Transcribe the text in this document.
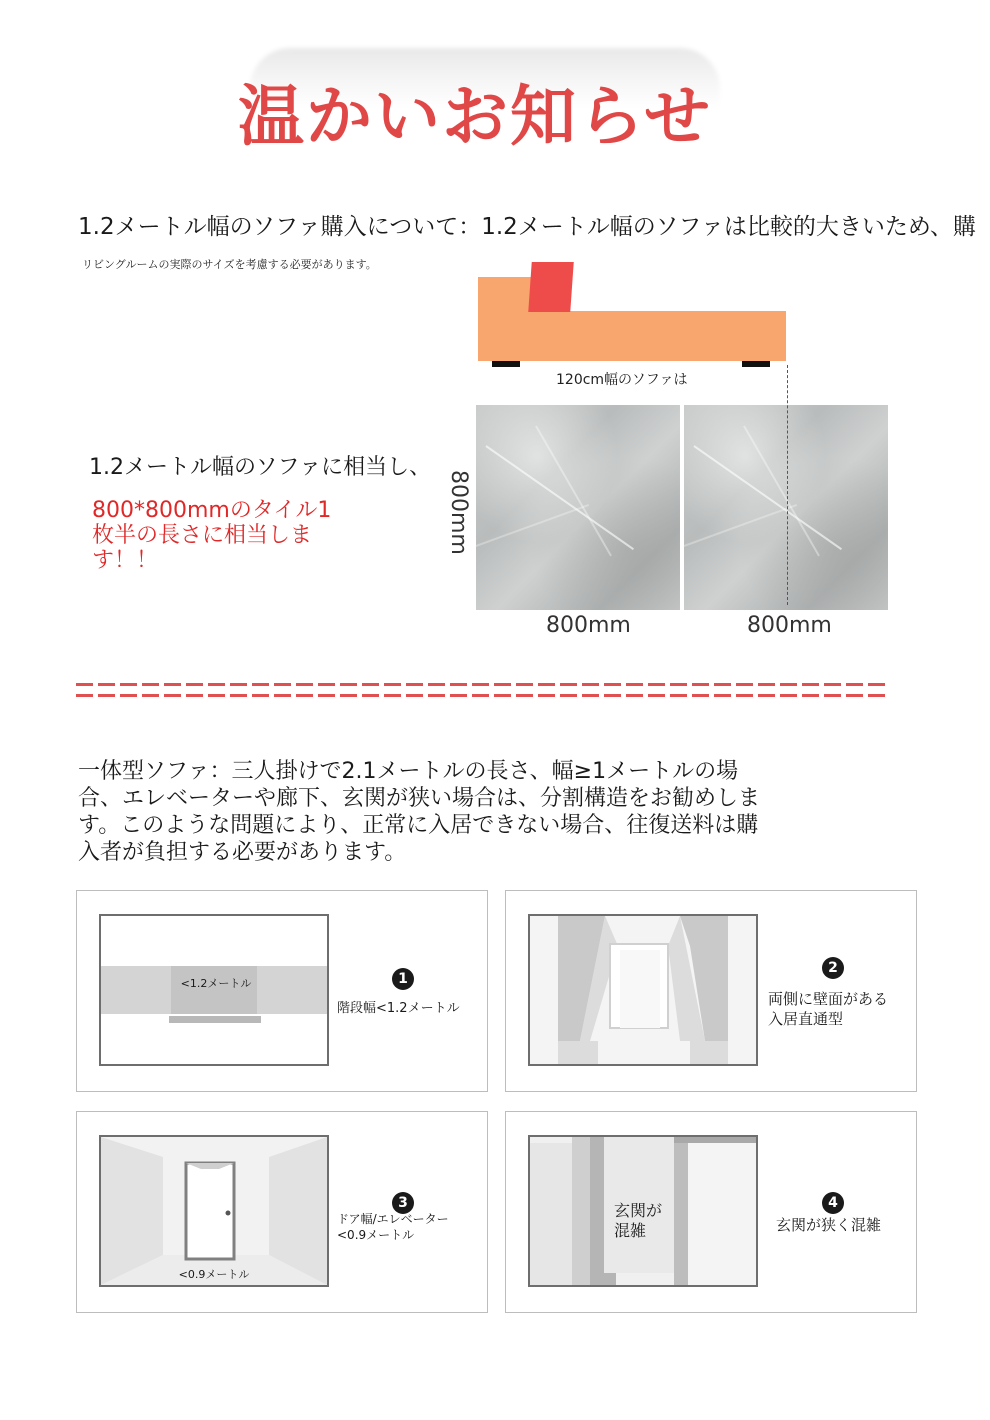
温かいお知らせ
1.2メートル幅のソファ購入について：1.2メートル幅のソファは比較的大きいため、購
リビングルームの実際のサイズを考慮する必要があります。
120cm幅のソファは
800mm
800mm	800mm
1.2メートル幅のソファに相当し、
800*800mmのタイル1枚半の長さに相当します！！
一体型ソファ：三人掛けで2.1メートルの長さ、幅≥1メートルの場合、エレベーターや廊下、玄関が狭い場合は、分割構造をお勧めします。このような問題により、正常に入居できない場合、往復送料は購入者が負担する必要があります。
<1.2メートル	1
階段幅<1.2メートル
2
両側に壁面がある入居直通型
<0.9メートル
3
ドア幅/エレベーター<0.9メートル
玄関が混雑
4
玄関が狭く混雑
